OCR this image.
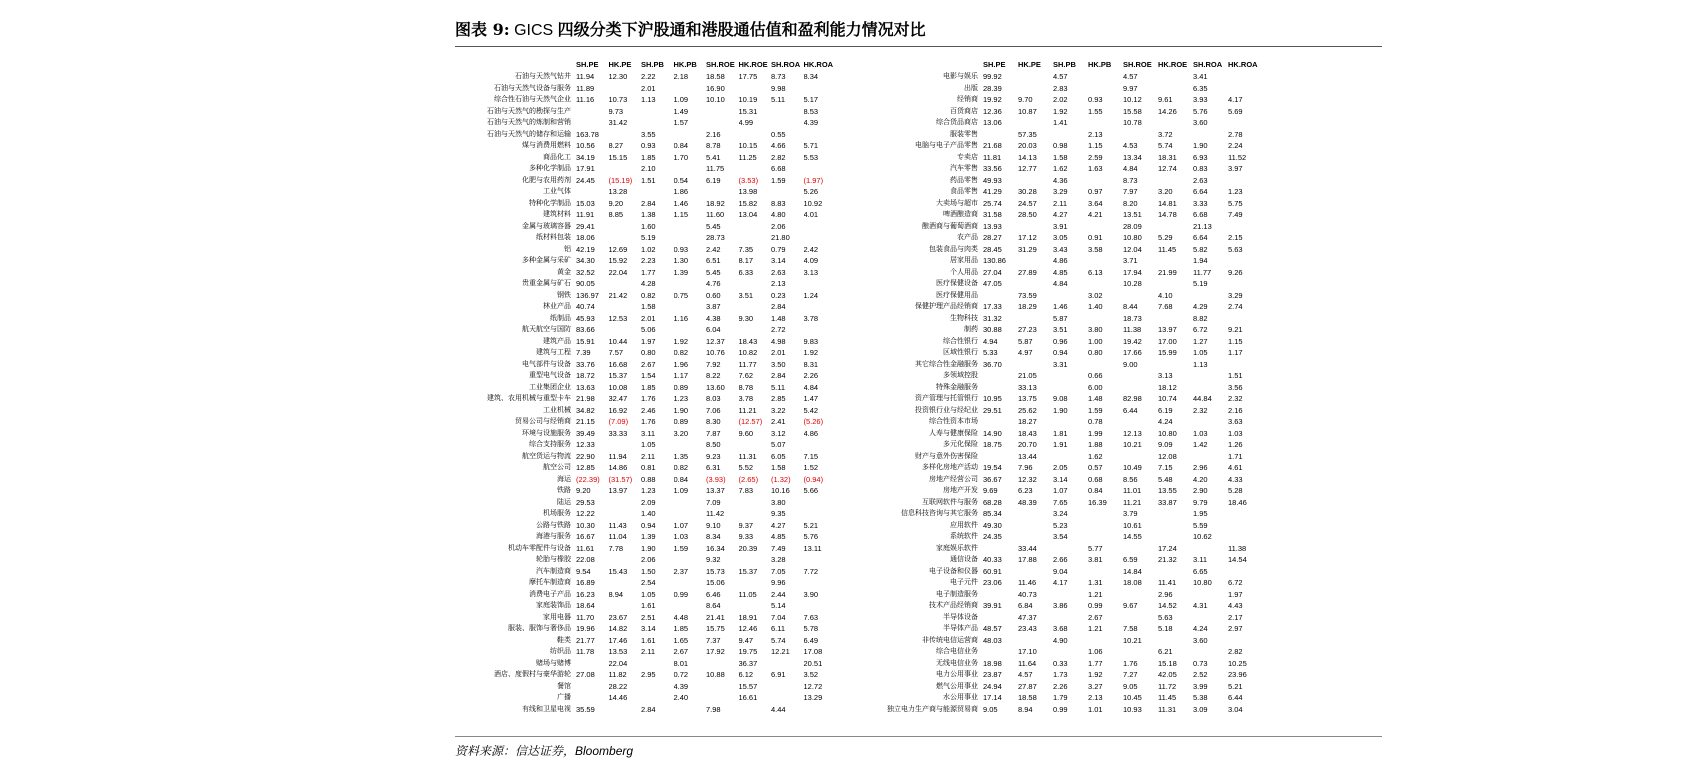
图表 9: GICS 四级分类下沪股通和港股通估值和盈利能力情况对比
	SH.PE	HK.PE	SH.PB	HK.PB	SH.ROE	HK.ROE	SH.ROA	HK.ROA
石油与天然气钻井	11.94	12.30	2.22	2.18	18.58	17.75	8.73	8.34
石油与天然气设备与服务	11.89		2.01		16.90		9.98	
综合性石油与天然气企业	11.16	10.73	1.13	1.09	10.10	10.19	5.11	5.17
石油与天然气的勘探与生产		9.73		1.49		15.31		8.53
石油与天然气的炼制和营销		31.42		1.57		4.99		4.39
石油与天然气的储存和运输	163.78		3.55		2.16		0.55	
煤与消费用燃料	10.56	8.27	0.93	0.84	8.78	10.15	4.66	5.71
商品化工	34.19	15.15	1.85	1.70	5.41	11.25	2.82	5.53
多种化学制品	17.91		2.10		11.75		6.68	
化肥与农用药剂	24.45	(15.19)	1.51	0.54	6.19	(3.53)	1.59	(1.97)
工业气体		13.28		1.86		13.98		5.26
特种化学制品	15.03	9.20	2.84	1.46	18.92	15.82	8.83	10.92
建筑材料	11.91	8.85	1.38	1.15	11.60	13.04	4.80	4.01
金属与玻璃容器	29.41		1.60		5.45		2.06	
纸材料包装	18.06		5.19		28.73		21.80	
铝	42.19	12.69	1.02	0.93	2.42	7.35	0.79	2.42
多种金属与采矿	34.30	15.92	2.23	1.30	6.51	8.17	3.14	4.09
黄金	32.52	22.04	1.77	1.39	5.45	6.33	2.63	3.13
贵重金属与矿石	90.05		4.28		4.76		2.13	
钢铁	136.97	21.42	0.82	0.75	0.60	3.51	0.23	1.24
林业产品	40.74		1.58		3.87		2.84	
纸制品	45.93	12.53	2.01	1.16	4.38	9.30	1.48	3.78
航天航空与国防	83.66		5.06		6.04		2.72	
建筑产品	15.91	10.44	1.97	1.92	12.37	18.43	4.98	9.83
建筑与工程	7.39	7.57	0.80	0.82	10.76	10.82	2.01	1.92
电气部件与设备	33.76	16.68	2.67	1.96	7.92	11.77	3.50	8.31
重型电气设备	18.72	15.37	1.54	1.17	8.22	7.62	2.84	2.26
工业集团企业	13.63	10.08	1.85	0.89	13.60	8.78	5.11	4.84
建筑、农用机械与重型卡车	21.98	32.47	1.76	1.23	8.03	3.78	2.85	1.47
工业机械	34.82	16.92	2.46	1.90	7.06	11.21	3.22	5.42
贸易公司与经销商	21.15	(7.09)	1.76	0.89	8.30	(12.57)	2.41	(5.26)
环境与设施服务	39.49	33.33	3.11	3.20	7.87	9.60	3.12	4.86
综合支持服务	12.33		1.05		8.50		5.07	
航空货运与物流	22.90	11.94	2.11	1.35	9.23	11.31	6.05	7.15
航空公司	12.85	14.86	0.81	0.82	6.31	5.52	1.58	1.52
海运	(22.39)	(31.57)	0.88	0.84	(3.93)	(2.65)	(1.32)	(0.94)
铁路	9.20	13.97	1.23	1.09	13.37	7.83	10.16	5.66
陆运	29.53		2.09		7.09		3.80	
机场服务	12.22		1.40		11.42		9.35	
公路与铁路	10.30	11.43	0.94	1.07	9.10	9.37	4.27	5.21
海港与服务	16.67	11.04	1.39	1.03	8.34	9.33	4.85	5.76
机动车零配件与设备	11.61	7.78	1.90	1.59	16.34	20.39	7.49	13.11
轮胎与橡胶	22.08		2.06		9.32		3.28	
汽车制造商	9.54	15.43	1.50	2.37	15.73	15.37	7.05	7.72
摩托车制造商	16.89		2.54		15.06		9.96	
消费电子产品	16.23	8.94	1.05	0.99	6.46	11.05	2.44	3.90
家庭装饰品	18.64		1.61		8.64		5.14	
家用电器	11.70	23.67	2.51	4.48	21.41	18.91	7.04	7.63
服装、服饰与奢侈品	19.96	14.82	3.14	1.85	15.75	12.46	6.11	5.78
鞋类	21.77	17.46	1.61	1.65	7.37	9.47	5.74	6.49
纺织品	11.78	13.53	2.11	2.67	17.92	19.75	12.21	17.08
赌场与赌博		22.04		8.01		36.37		20.51
酒店、度假村与豪华游轮	27.08	11.82	2.95	0.72	10.88	6.12	6.91	3.52
餐馆		28.22		4.39		15.57		12.72
广播		14.46		2.40		16.61		13.29
有线和卫星电视	35.59		2.84		7.98		4.44	
	SH.PE	HK.PE	SH.PB	HK.PB	SH.ROE	HK.ROE	SH.ROA	HK.ROA
电影与娱乐	99.92		4.57		4.57		3.41	
出版	28.39		2.83		9.97		6.35	
经销商	19.92	9.70	2.02	0.93	10.12	9.61	3.93	4.17
百货商店	12.36	10.87	1.92	1.55	15.58	14.26	5.76	5.69
综合货品商店	13.06		1.41		10.78		3.60	
服装零售		57.35		2.13		3.72		2.78
电脑与电子产品零售	21.68	20.03	0.98	1.15	4.53	5.74	1.90	2.24
专卖店	11.81	14.13	1.58	2.59	13.34	18.31	6.93	11.52
汽车零售	33.56	12.77	1.62	1.63	4.84	12.74	0.83	3.97
药品零售	49.93		4.36		8.73		2.63	
食品零售	41.29	30.28	3.29	0.97	7.97	3.20	6.64	1.23
大卖场与超市	25.74	24.57	2.11	3.64	8.20	14.81	3.33	5.75
啤酒酿造商	31.58	28.50	4.27	4.21	13.51	14.78	6.68	7.49
酿酒商与葡萄酒商	13.93		3.91		28.09		21.13	
农产品	28.27	17.12	3.05	0.91	10.80	5.29	6.64	2.15
包装食品与肉类	28.45	31.29	3.43	3.58	12.04	11.45	5.82	5.63
居家用品	130.86		4.86		3.71		1.94	
个人用品	27.04	27.89	4.85	6.13	17.94	21.99	11.77	9.26
医疗保健设备	47.05		4.84		10.28		5.19	
医疗保健用品		73.59		3.02		4.10		3.29
保健护理产品经销商	17.33	18.29	1.46	1.40	8.44	7.68	4.29	2.74
生物科技	31.32		5.87		18.73		8.82	
制药	30.88	27.23	3.51	3.80	11.38	13.97	6.72	9.21
综合性银行	4.94	5.87	0.96	1.00	19.42	17.00	1.27	1.15
区域性银行	5.33	4.97	0.94	0.80	17.66	15.99	1.05	1.17
其它综合性金融服务	36.70		3.31		9.00		1.13	
多领域控股		21.05		0.66		3.13		1.51
特殊金融服务		33.13		6.00		18.12		3.56
资产管理与托管银行	10.95	13.75	9.08	1.48	82.98	10.74	44.84	2.32
投资银行业与经纪业	29.51	25.62	1.90	1.59	6.44	6.19	2.32	2.16
综合性资本市场		18.27		0.78		4.24		3.63
人寿与健康保险	14.90	18.43	1.81	1.99	12.13	10.80	1.03	1.03
多元化保险	18.75	20.70	1.91	1.88	10.21	9.09	1.42	1.26
财产与意外伤害保险		13.44		1.62		12.08		1.71
多样化房地产活动	19.54	7.96	2.05	0.57	10.49	7.15	2.96	4.61
房地产经营公司	36.67	12.32	3.14	0.68	8.56	5.48	4.20	4.33
房地产开发	9.69	6.23	1.07	0.84	11.01	13.55	2.90	5.28
互联网软件与服务	68.28	48.39	7.65	16.39	11.21	33.87	9.79	18.46
信息科技咨询与其它服务	85.34		3.24		3.79		1.95	
应用软件	49.30		5.23		10.61		5.59	
系统软件	24.35		3.54		14.55		10.62	
家庭娱乐软件		33.44		5.77		17.24		11.38
通信设备	40.33	17.88	2.66	3.81	6.59	21.32	3.11	14.54
电子设备和仪器	60.91		9.04		14.84		6.65	
电子元件	23.06	11.46	4.17	1.31	18.08	11.41	10.80	6.72
电子制造服务		40.73		1.21		2.96		1.97
技术产品经销商	39.91	6.84	3.86	0.99	9.67	14.52	4.31	4.43
半导体设备		47.37		2.67		5.63		2.17
半导体产品	48.57	23.43	3.68	1.21	7.58	5.18	4.24	2.97
非传统电信运营商	48.03		4.90		10.21		3.60	
综合电信业务		17.10		1.06		6.21		2.82
无线电信业务	18.98	11.64	0.33	1.77	1.76	15.18	0.73	10.25
电力公用事业	23.87	4.57	1.73	1.92	7.27	42.05	2.52	23.96
燃气公用事业	24.94	27.87	2.26	3.27	9.05	11.72	3.99	5.21
水公用事业	17.14	18.58	1.79	2.13	10.45	11.45	5.38	6.44
独立电力生产商与能源贸易商	9.05	8.94	0.99	1.01	10.93	11.31	3.09	3.04
资料来源：信达证券，Bloomberg
